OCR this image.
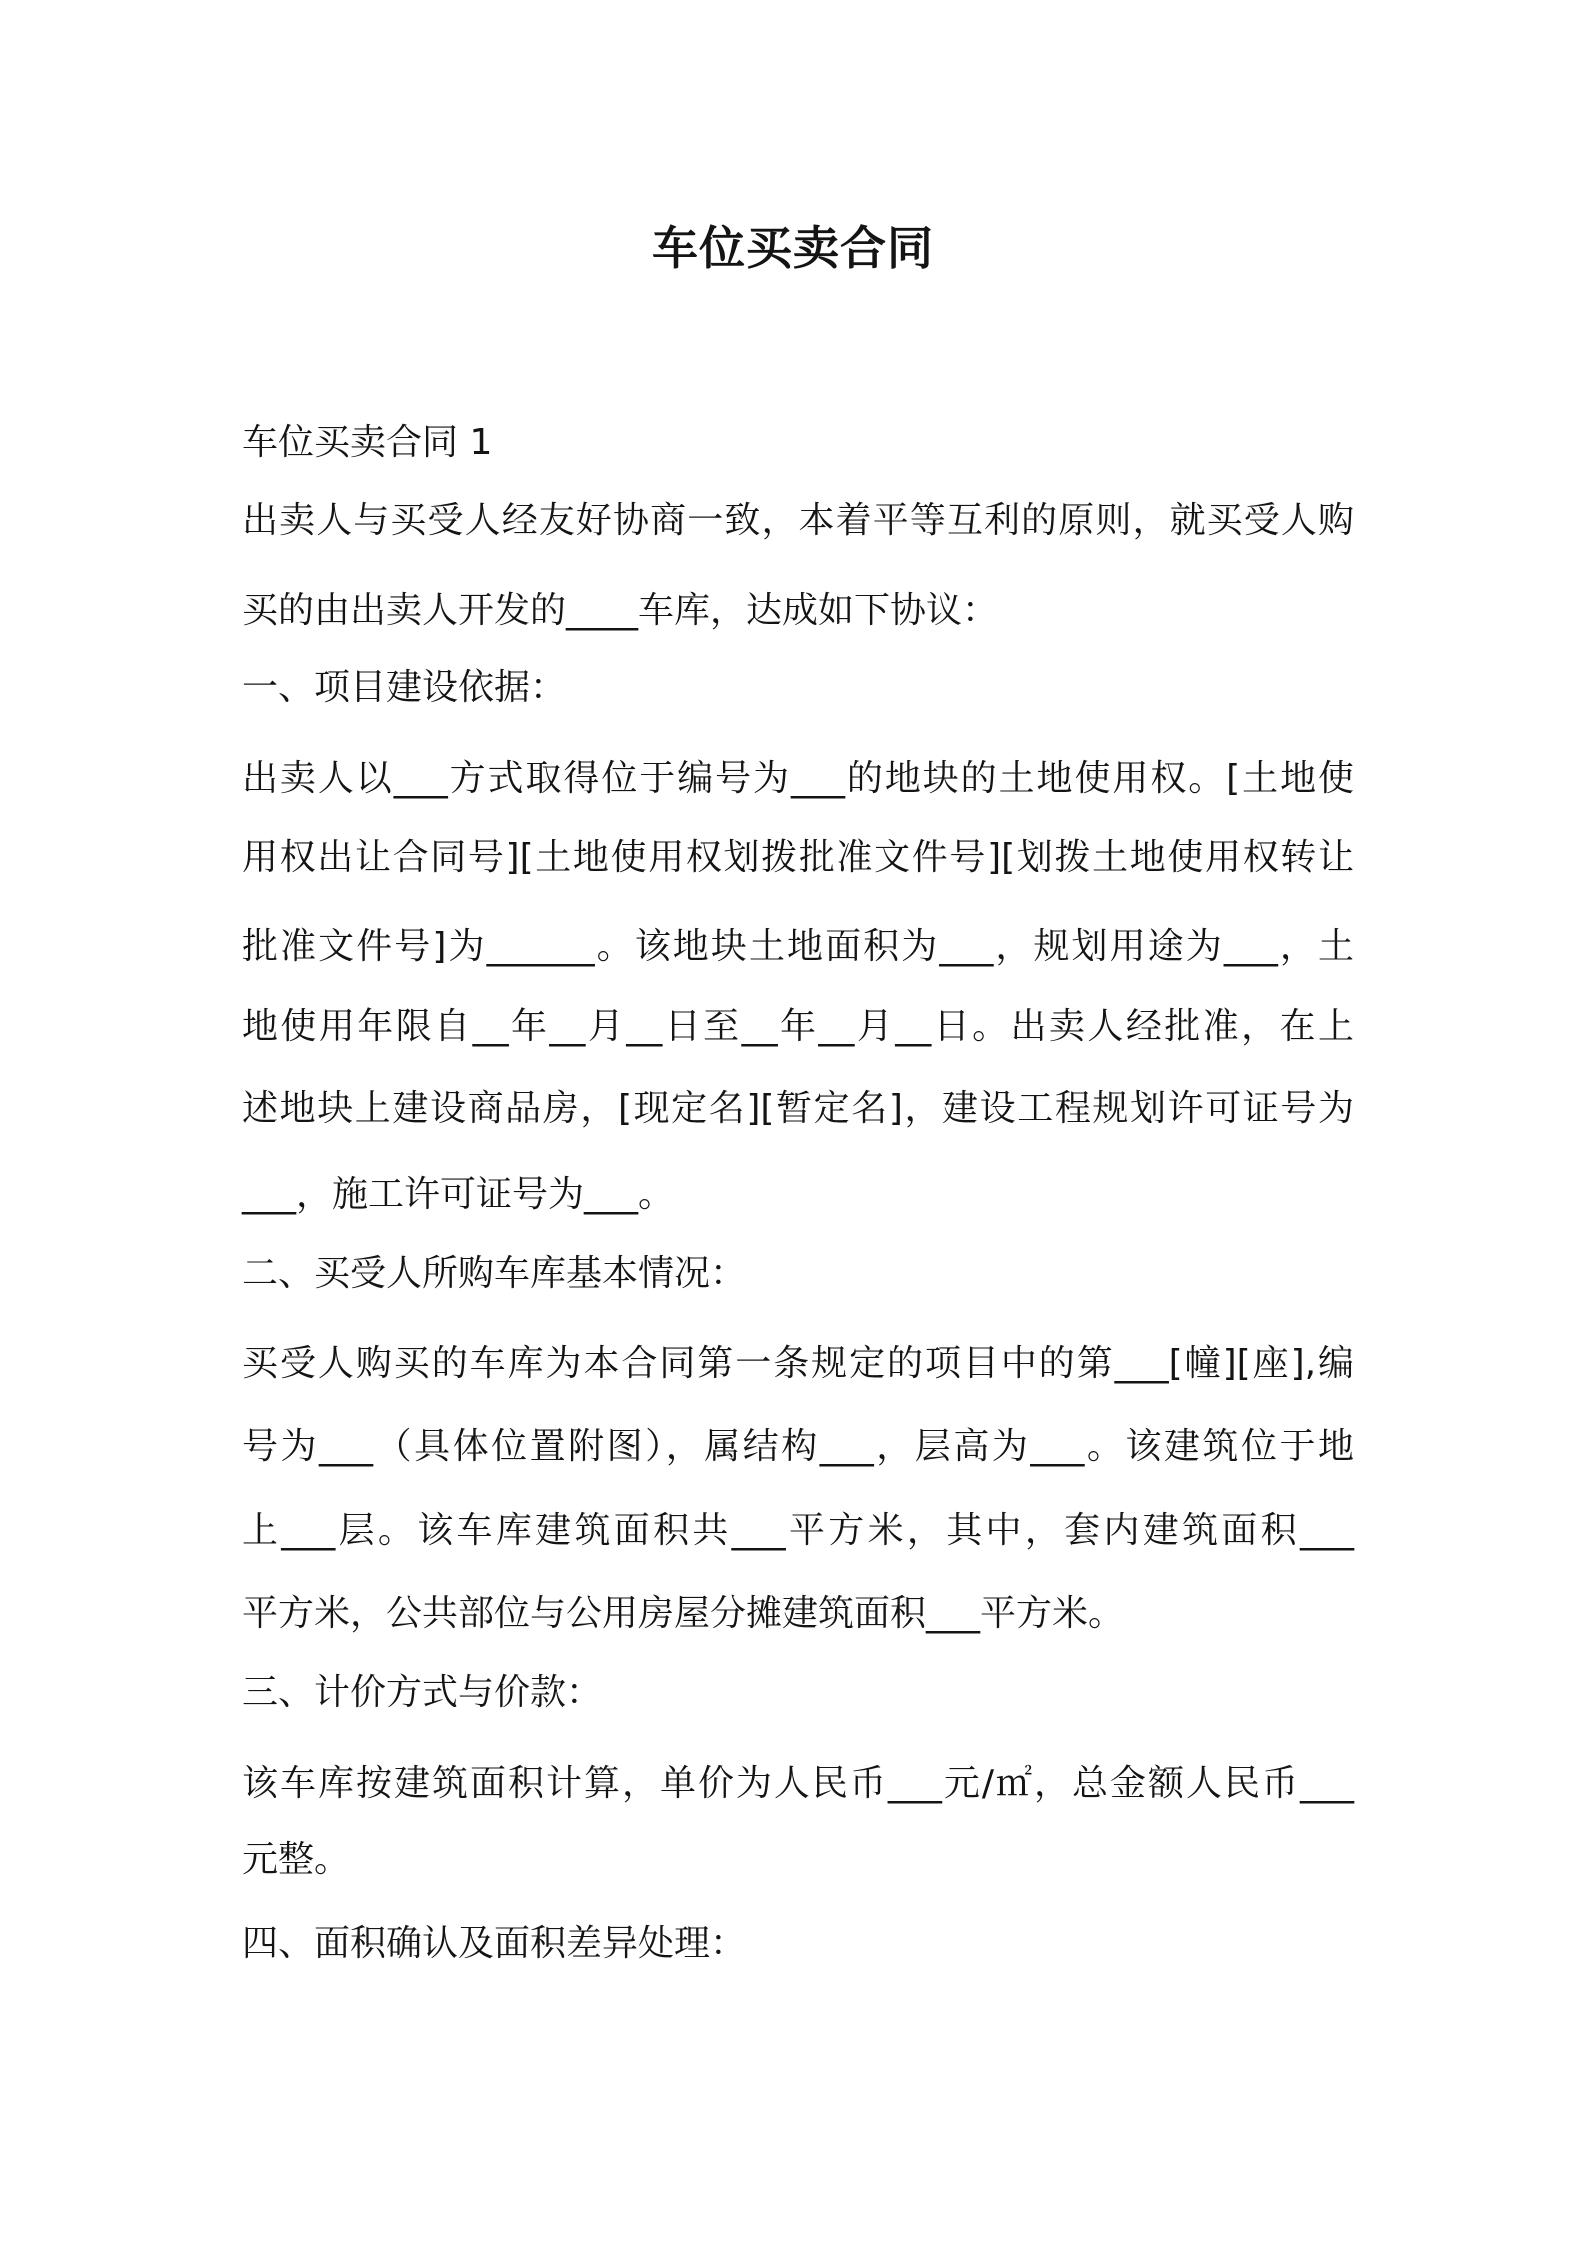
车位买卖合同
车位买卖合同 1
出卖人与买受人经友好协商一致，本着平等互利的原则，就买受人购
买的由出卖人开发的____车库，达成如下协议：
一、项目建设依据：
出卖人以___方式取得位于编号为___的地块的土地使用权。[土地使
用权出让合同号][土地使用权划拨批准文件号][划拨土地使用权转让
批准文件号]为______。该地块土地面积为___，规划用途为___，土
地使用年限自__年__月__日至__年__月__日。出卖人经批准，在上
述地块上建设商品房，[现定名][暂定名]，建设工程规划许可证号为
___，施工许可证号为___。
二、买受人所购车库基本情况：
买受人购买的车库为本合同第一条规定的项目中的第___[幢][座],编
号为___（具体位置附图），属结构___，层高为___。该建筑位于地
上___层。该车库建筑面积共___平方米，其中，套内建筑面积___
平方米，公共部位与公用房屋分摊建筑面积___平方米。
三、计价方式与价款：
该车库按建筑面积计算，单价为人民币___元/㎡，总金额人民币___
元整。
四、面积确认及面积差异处理：
